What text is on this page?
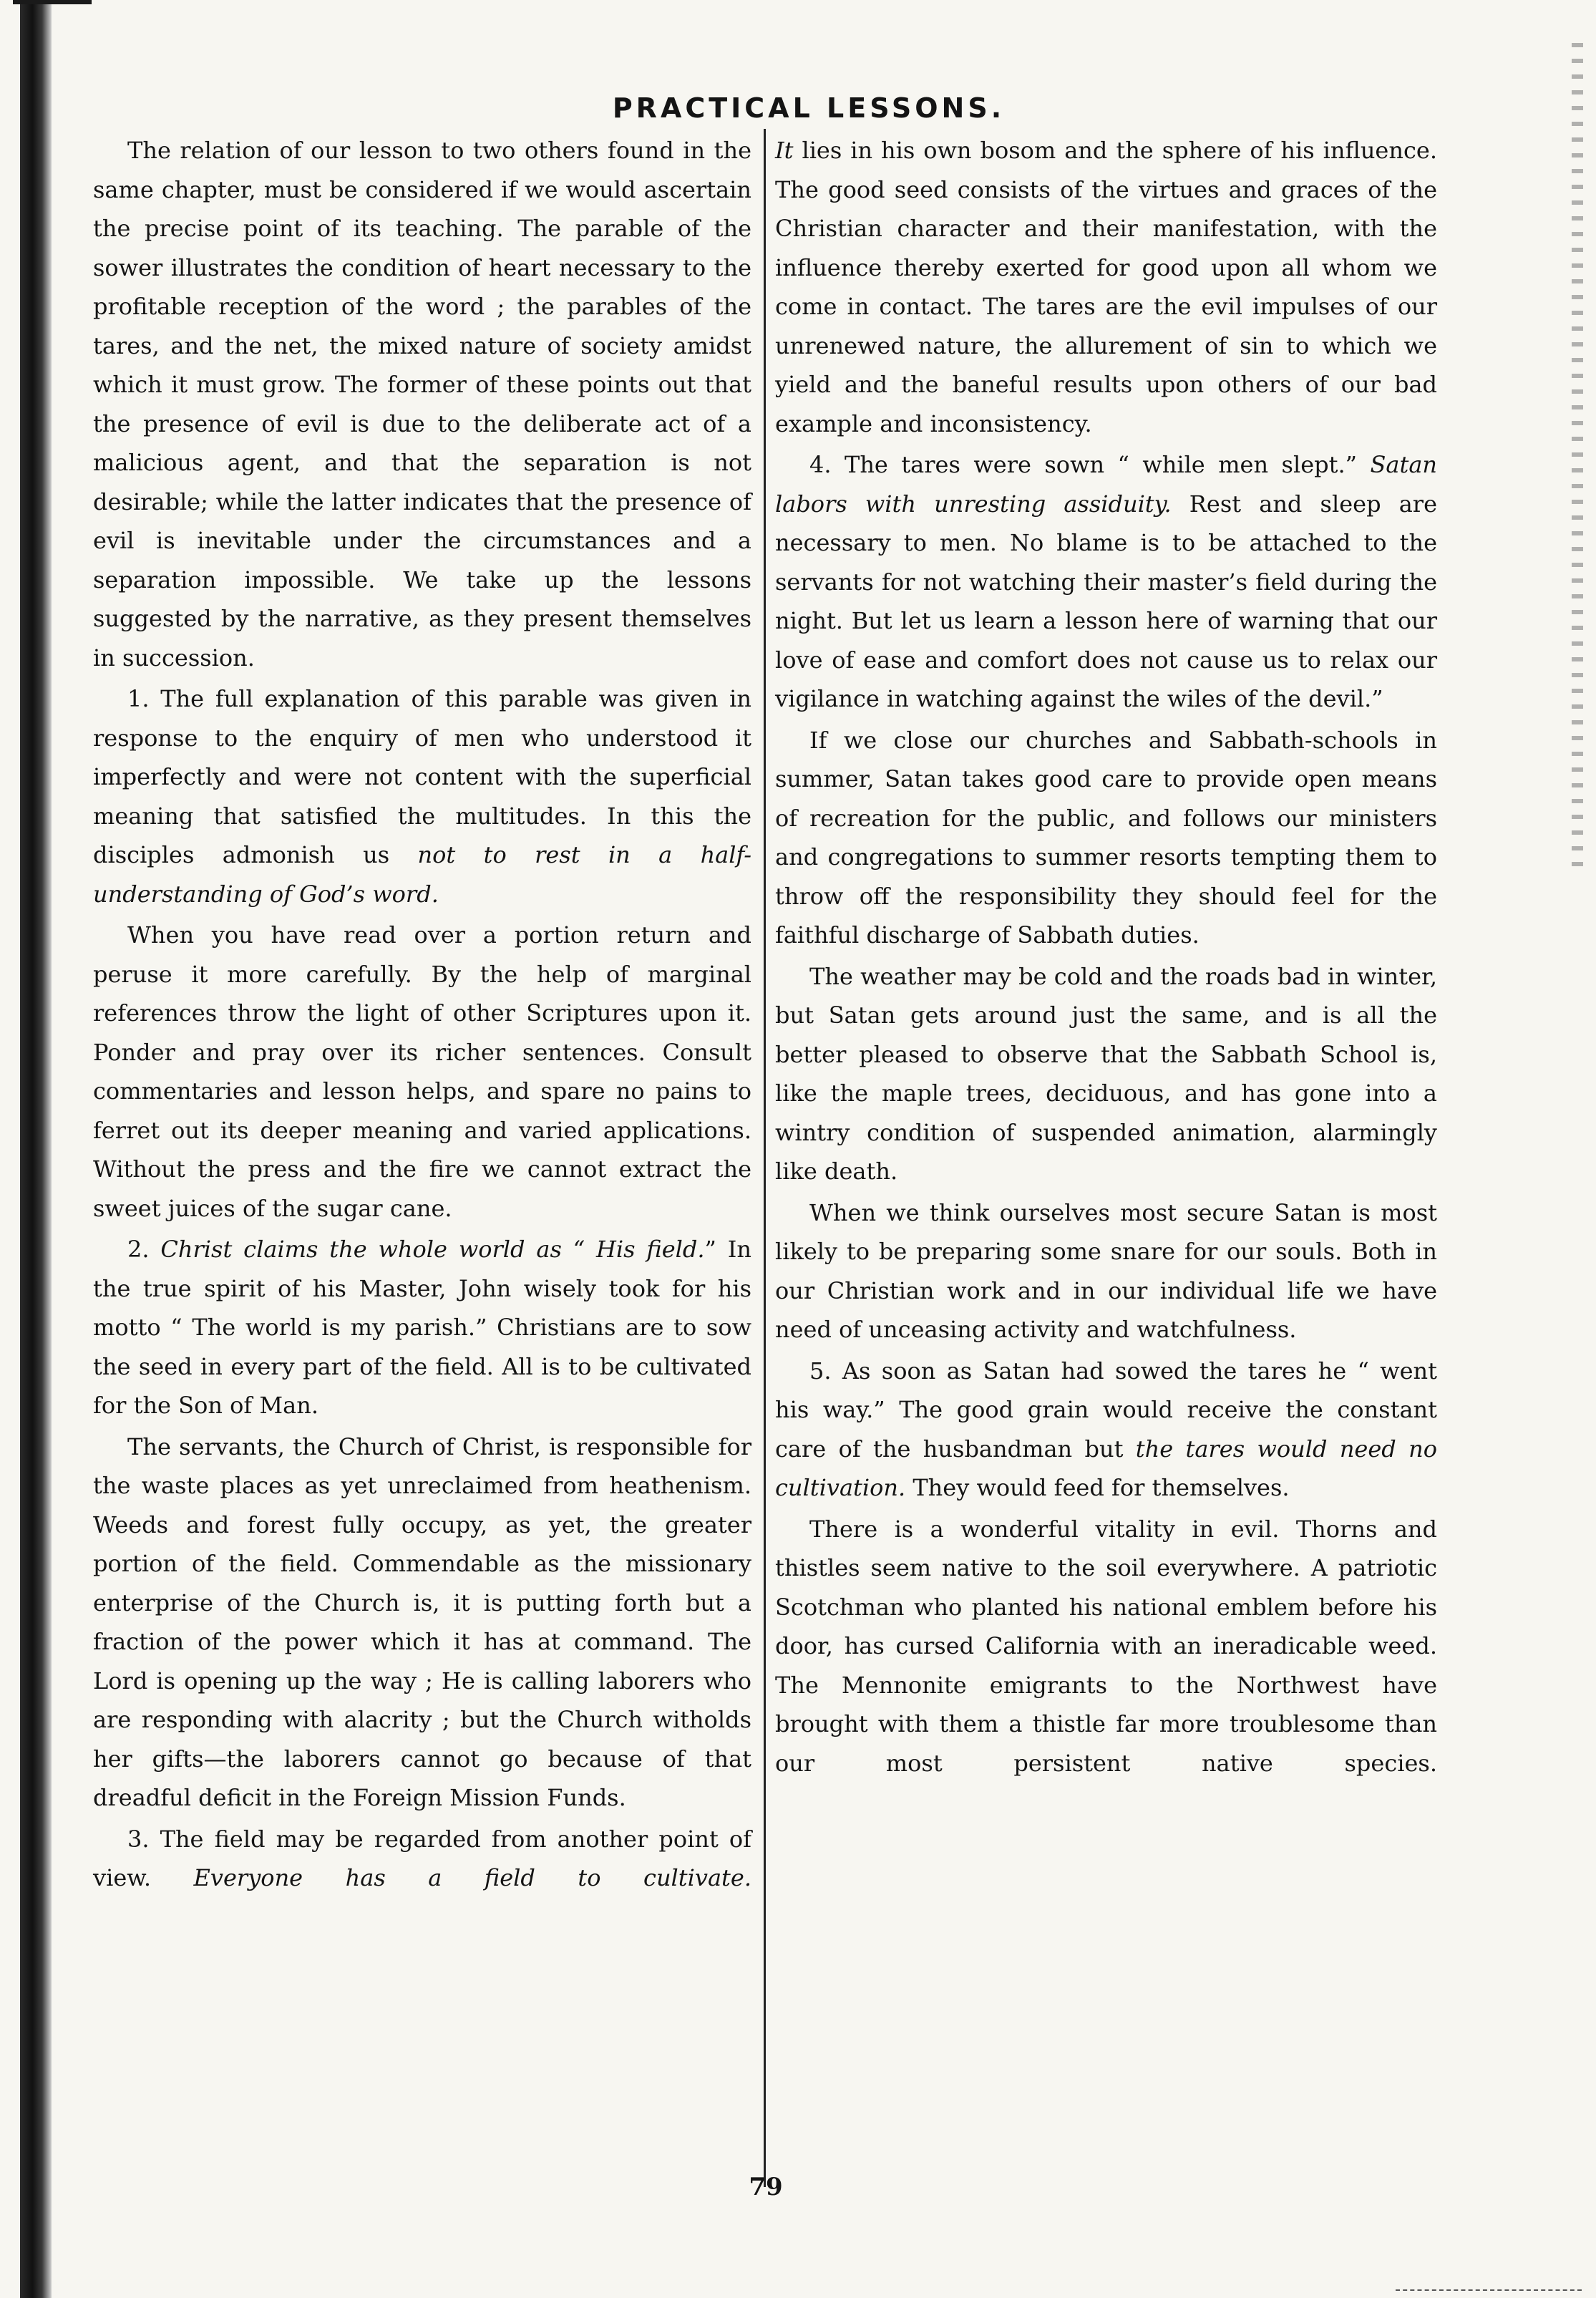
PRACTICAL LESSONS.

The relation of our lesson to two others found in the same chapter, must be considered if we would ascertain the precise point of its teaching. The parable of the sower illustrates the condition of heart necessary to the profitable reception of the word ; the parables of the tares, and the net, the mixed nature of society amidst which it must grow. The former of these points out that the presence of evil is due to the deliberate act of a malicious agent, and that the separation is not desirable; while the latter indicates that the presence of evil is inevitable under the circumstances and a separation impossible. We take up the lessons suggested by the narrative, as they present themselves in succession.

1. The full explanation of this parable was given in response to the enquiry of men who understood it imperfectly and were not content with the superficial meaning that satisfied the multitudes. In this the disciples admonish us not to rest in a half-understanding of God’s word.

When you have read over a portion return and peruse it more carefully. By the help of marginal references throw the light of other Scriptures upon it. Ponder and pray over its richer sentences. Consult commentaries and lesson helps, and spare no pains to ferret out its deeper meaning and varied applications. Without the press and the fire we cannot extract the sweet juices of the sugar cane.

2. Christ claims the whole world as “ His field.” In the true spirit of his Master, John wisely took for his motto “ The world is my parish.” Christians are to sow the seed in every part of the field. All is to be cultivated for the Son of Man.

The servants, the Church of Christ, is responsible for the waste places as yet unreclaimed from heathenism. Weeds and forest fully occupy, as yet, the greater portion of the field. Commendable as the missionary enterprise of the Church is, it is putting forth but a fraction of the power which it has at command. The Lord is opening up the way ; He is calling laborers who are responding with alacrity ; but the Church witholds her gifts—the laborers cannot go because of that dreadful deficit in the Foreign Mission Funds.

3. The field may be regarded from another point of view. Everyone has a field to cultivate.

It lies in his own bosom and the sphere of his influence. The good seed consists of the virtues and graces of the Christian character and their manifestation, with the influence thereby exerted for good upon all whom we come in contact. The tares are the evil impulses of our unrenewed nature, the allurement of sin to which we yield and the baneful results upon others of our bad example and inconsistency.

4. The tares were sown “ while men slept.” Satan labors with unresting assiduity. Rest and sleep are necessary to men. No blame is to be attached to the servants for not watching their master’s field during the night. But let us learn a lesson here of warning that our love of ease and comfort does not cause us to relax our vigilance in watching against the wiles of the devil.”

If we close our churches and Sabbath-schools in summer, Satan takes good care to provide open means of recreation for the public, and follows our ministers and congregations to summer resorts tempting them to throw off the responsibility they should feel for the faithful discharge of Sabbath duties.

The weather may be cold and the roads bad in winter, but Satan gets around just the same, and is all the better pleased to observe that the Sabbath School is, like the maple trees, deciduous, and has gone into a wintry condition of suspended animation, alarmingly like death.

When we think ourselves most secure Satan is most likely to be preparing some snare for our souls. Both in our Christian work and in our individual life we have need of unceasing activity and watchfulness.

5. As soon as Satan had sowed the tares he “ went his way.” The good grain would receive the constant care of the husbandman but the tares would need no cultivation. They would feed for themselves.

There is a wonderful vitality in evil. Thorns and thistles seem native to the soil everywhere. A patriotic Scotchman who planted his national emblem before his door, has cursed California with an ineradicable weed. The Mennonite emigrants to the Northwest have brought with them a thistle far more troublesome than our most persistent native species.

79
